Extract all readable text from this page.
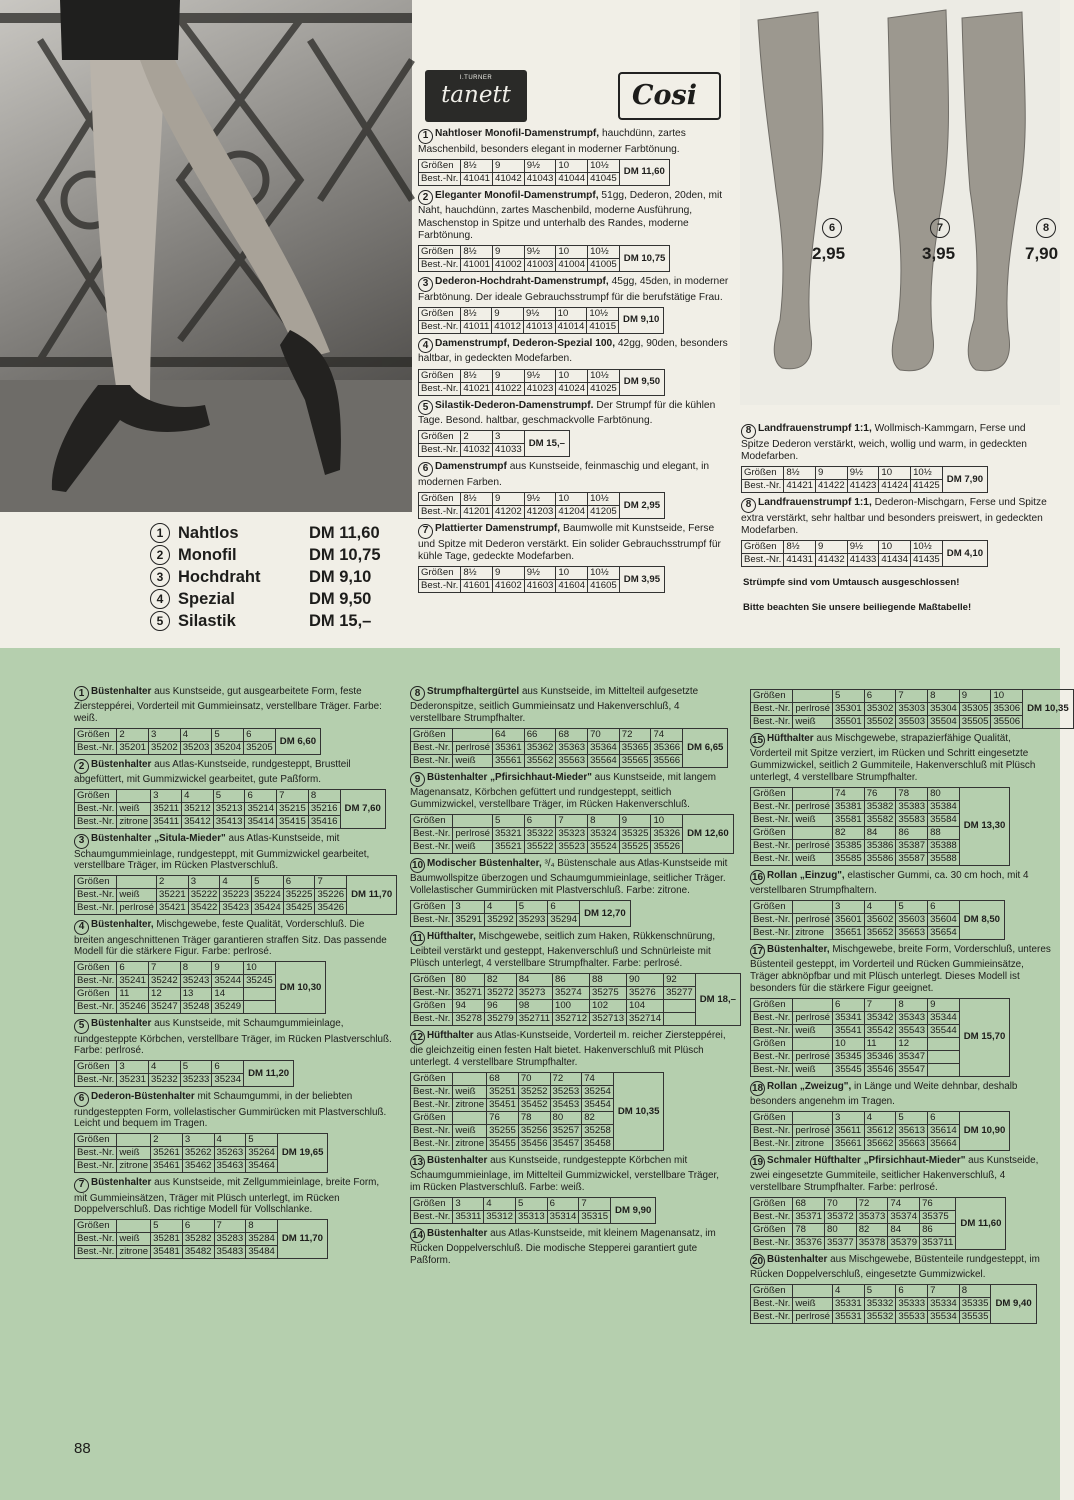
1 Nahtlos	DM 11,60
2 Monofil	DM 10,75
3 Hochdraht	DM 9,10
4 Spezial	DM 9,50
5 Silastik	DM 15,–
I.TURNER
tanett	Cosi
1 Nahtloser Monofil-Damenstrumpf, hauchdünn, zartes Maschenbild, besonders elegant in moderner Farbtönung.
Größen	8½	9	9½	10	10½	DM 11,60
Best.-Nr.	41041	41042	41043	41044	41045	
2 Eleganter Monofil-Damenstrumpf, 51gg, Dederon, 20den, mit Naht, hauchdünn, zartes Maschenbild, moderne Ausführung, Maschenstop in Spitze und unterhalb des Randes, moderne Farbtönung.
Größen	8½	9	9½	10	10½	DM 10,75
Best.-Nr.	41001	41002	41003	41004	41005	
3 Dederon-Hochdraht-Damenstrumpf, 45gg, 45den, in moderner Farbtönung. Der ideale Gebrauchsstrumpf für die berufstätige Frau.
Größen	8½	9	9½	10	10½	DM 9,10
Best.-Nr.	41011	41012	41013	41014	41015	
4 Damenstrumpf, Dederon-Spezial 100, 42gg, 90den, besonders haltbar, in gedeckten Modefarben.
Größen	8½	9	9½	10	10½	DM 9,50
Best.-Nr.	41021	41022	41023	41024	41025	
5 Silastik-Dederon-Damenstrumpf. Der Strumpf für die kühlen Tage. Besond. haltbar, geschmackvolle Farbtönung.
Größen	2	3	DM 15,–
Best.-Nr.	41032	41033	
6 Damenstrumpf aus Kunstseide, feinmaschig und elegant, in modernen Farben.
Größen	8½	9	9½	10	10½	DM 2,95
Best.-Nr.	41201	41202	41203	41204	41205	
7 Plattierter Damenstrumpf, Baumwolle mit Kunstseide, Ferse und Spitze mit Dederon verstärkt. Ein solider Gebrauchsstrumpf für kühle Tage, gedeckte Modefarben.
Größen	8½	9	9½	10	10½	DM 3,95
Best.-Nr.	41601	41602	41603	41604	41605	
6
2,95
7
3,95
8
7,90
8 Landfrauenstrumpf 1:1, Wollmisch-Kammgarn, Ferse und Spitze Dederon verstärkt, weich, wollig und warm, in gedeckten Modefarben.
Größen	8½	9	9½	10	10½	DM 7,90
Best.-Nr.	41421	41422	41423	41424	41425	
8 Landfrauenstrumpf 1:1, Dederon-Mischgarn, Ferse und Spitze extra verstärkt, sehr haltbar und besonders preiswert, in gedeckten Modefarben.
Größen	8½	9	9½	10	10½	DM 4,10
Best.-Nr.	41431	41432	41433	41434	41435	
Strümpfe sind vom Umtausch ausgeschlossen!
Bitte beachten Sie unsere beiliegende Maßtabelle!
1 Büstenhalter aus Kunstseide, gut ausgearbeitete Form, feste Ziersteppérei, Vorderteil mit Gummieinsatz, verstellbare Träger. Farbe: weiß.
Größen	2	3	4	5	6	DM 6,60
Best.-Nr.	35201	35202	35203	35204	35205	
2 Büstenhalter aus Atlas-Kunstseide, rundgesteppt, Brustteil abgefüttert, mit Gummizwickel gearbeitet, gute Paßform.
Größen		3	4	5	6	7	8	DM 7,60
Best.-Nr.	weiß	35211	35212	35213	35214	35215	35216	
Best.-Nr.	zitrone	35411	35412	35413	35414	35415	35416	
3 Büstenhalter „Situla-Mieder" aus Atlas-Kunstseide, mit Schaumgummieinlage, rundgesteppt, mit Gummizwickel gearbeitet, verstellbare Träger, im Rücken Plastverschluß.
Größen		2	3	4	5	6	7	DM 11,70
Best.-Nr.	weiß	35221	35222	35223	35224	35225	35226	
Best.-Nr.	perlrosé	35421	35422	35423	35424	35425	35426	
4 Büstenhalter, Mischgewebe, feste Qualität, Vorderschluß. Die breiten angeschnittenen Träger garantieren straffen Sitz. Das passende Modell für die stärkere Figur. Farbe: perlrosé.
Größen	6	7	8	9	10	DM 10,30
Best.-Nr.	35241	35242	35243	35244	35245	
Größen	11	12	13	14		
Best.-Nr.	35246	35247	35248	35249		
5 Büstenhalter aus Kunstseide, mit Schaumgummieinlage, rundgesteppte Körbchen, verstellbare Träger, im Rücken Plastverschluß. Farbe: perlrosé.
Größen	3	4	5	6	DM 11,20
Best.-Nr.	35231	35232	35233	35234	
6 Dederon-Büstenhalter mit Schaumgummi, in der beliebten rundgesteppten Form, vollelastischer Gummirücken mit Plastverschluß. Leicht und bequem im Tragen.
Größen		2	3	4	5	DM 19,65
Best.-Nr.	weiß	35261	35262	35263	35264	
Best.-Nr.	zitrone	35461	35462	35463	35464	
7 Büstenhalter aus Kunstseide, mit Zellgummieinlage, breite Form, mit Gummieinsätzen, Träger mit Plüsch unterlegt, im Rücken Doppelverschluß. Das richtige Modell für Vollschlanke.
Größen		5	6	7	8	DM 11,70
Best.-Nr.	weiß	35281	35282	35283	35284	
Best.-Nr.	zitrone	35481	35482	35483	35484	
8 Strumpfhaltergürtel aus Kunstseide, im Mittelteil aufgesetzte Dederonspitze, seitlich Gummieinsatz und Hakenverschluß, 4 verstellbare Strumpfhalter.
Größen		64	66	68	70	72	74	DM 6,65
Best.-Nr.	perlrosé	35361	35362	35363	35364	35365	35366	
Best.-Nr.	weiß	35561	35562	35563	35564	35565	35566	
9 Büstenhalter „Pfirsichhaut-Mieder" aus Kunstseide, mit langem Magenansatz, Körbchen gefüttert und rundgesteppt, seitlich Gummizwickel, verstellbare Träger, im Rücken Hakenverschluß.
Größen		5	6	7	8	9	10	DM 12,60
Best.-Nr.	perlrosé	35321	35322	35323	35324	35325	35326	
Best.-Nr.	weiß	35521	35522	35523	35524	35525	35526	
10 Modischer Büstenhalter, ³/₄ Büstenschale aus Atlas-Kunstseide mit Baumwollspitze überzogen und Schaumgummieinlage, seitlicher Träger. Vollelastischer Gummirücken mit Plastverschluß. Farbe: zitrone.
Größen	3	4	5	6	DM 12,70
Best.-Nr.	35291	35292	35293	35294	
11 Hüfthalter, Mischgewebe, seitlich zum Haken, Rükkenschnürung, Leibteil verstärkt und gesteppt, Hakenverschluß und Schnürleiste mit Plüsch unterlegt, 4 verstellbare Strumpfhalter. Farbe: perlrosé.
Größen	80	82	84	86	88	90	92	DM 18,–
Best.-Nr.	35271	35272	35273	35274	35275	35276	35277	
Größen	94	96	98	100	102	104		
Best.-Nr.	35278	35279	352711	352712	352713	352714		
12 Hüfthalter aus Atlas-Kunstseide, Vorderteil m. reicher Ziersteppérei, die gleichzeitig einen festen Halt bietet. Hakenverschluß mit Plüsch unterlegt. 4 verstellbare Strumpfhalter.
Größen		68	70	72	74	DM 10,35
Best.-Nr.	weiß	35251	35252	35253	35254	
Best.-Nr.	zitrone	35451	35452	35453	35454	
Größen		76	78	80	82	
Best.-Nr.	weiß	35255	35256	35257	35258	
Best.-Nr.	zitrone	35455	35456	35457	35458	
13 Büstenhalter aus Kunstseide, rundgesteppte Körbchen mit Schaumgummieinlage, im Mittelteil Gummizwickel, verstellbare Träger, im Rücken Plastverschluß. Farbe: weiß.
Größen	3	4	5	6	7	DM 9,90
Best.-Nr.	35311	35312	35313	35314	35315	
14 Büstenhalter aus Atlas-Kunstseide, mit kleinem Magenansatz, im Rücken Doppelverschluß. Die modische Stepperei garantiert gute Paßform.
Größen		5	6	7	8	9	10	DM 10,35
Best.-Nr.	perlrosé	35301	35302	35303	35304	35305	35306	
Best.-Nr.	weiß	35501	35502	35503	35504	35505	35506	
15 Hüfthalter aus Mischgewebe, strapazierfähige Qualität, Vorderteil mit Spitze verziert, im Rücken und Schritt eingesetzte Gummizwickel, seitlich 2 Gummiteile, Hakenverschluß mit Plüsch unterlegt, 4 verstellbare Strumpfhalter.
Größen		74	76	78	80	DM 13,30
Best.-Nr.	perlrosé	35381	35382	35383	35384	
Best.-Nr.	weiß	35581	35582	35583	35584	
Größen		82	84	86	88	
Best.-Nr.	perlrosé	35385	35386	35387	35388	
Best.-Nr.	weiß	35585	35586	35587	35588	
16 Rollan „Einzug", elastischer Gummi, ca. 30 cm hoch, mit 4 verstellbaren Strumpfhaltern.
Größen		3	4	5	6	DM 8,50
Best.-Nr.	perlrosé	35601	35602	35603	35604	
Best.-Nr.	zitrone	35651	35652	35653	35654	
17 Büstenhalter, Mischgewebe, breite Form, Vorderschluß, unteres Büstenteil gesteppt, im Vorderteil und Rücken Gummieinsätze, Träger abknöpfbar und mit Plüsch unterlegt. Dieses Modell ist besonders für die stärkere Figur geeignet.
Größen		6	7	8	9	DM 15,70
Best.-Nr.	perlrosé	35341	35342	35343	35344	
Best.-Nr.	weiß	35541	35542	35543	35544	
Größen		10	11	12		
Best.-Nr.	perlrosé	35345	35346	35347		
Best.-Nr.	weiß	35545	35546	35547		
18 Rollan „Zweizug", in Länge und Weite dehnbar, deshalb besonders angenehm im Tragen.
Größen		3	4	5	6	DM 10,90
Best.-Nr.	perlrosé	35611	35612	35613	35614	
Best.-Nr.	zitrone	35661	35662	35663	35664	
19 Schmaler Hüfthalter „Pfirsichhaut-Mieder" aus Kunstseide, zwei eingesetzte Gummiteile, seitlicher Hakenverschluß, 4 verstellbare Strumpfhalter. Farbe: perlrosé.
Größen	68	70	72	74	76	DM 11,60
Best.-Nr.	35371	35372	35373	35374	35375	
Größen	78	80	82	84	86	
Best.-Nr.	35376	35377	35378	35379	353711	
20 Büstenhalter aus Mischgewebe, Büstenteile rundgesteppt, im Rücken Doppelverschluß, eingesetzte Gummizwickel.
Größen		4	5	6	7	8	DM 9,40
Best.-Nr.	weiß	35331	35332	35333	35334	35335	
Best.-Nr.	perlrosé	35531	35532	35533	35534	35535	
88
